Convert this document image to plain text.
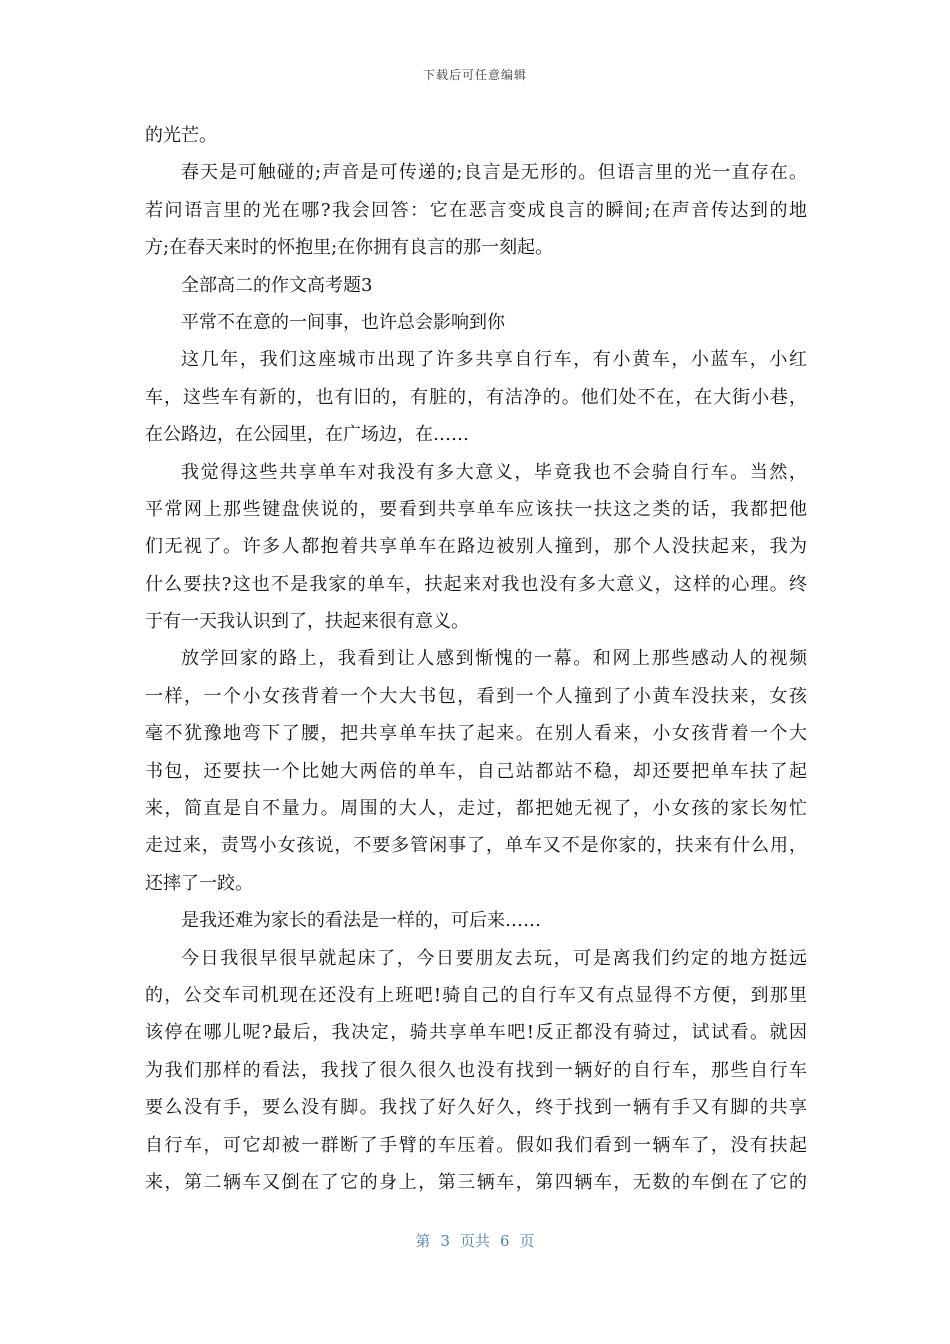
下载后可任意编辑
的光芒。
春天是可触碰的;声音是可传递的;良言是无形的。但语言里的光一直存在。
若问语言里的光在哪?我会回答：它在恶言变成良言的瞬间;在声音传达到的地
方;在春天来时的怀抱里;在你拥有良言的那一刻起。
全部高二的作文高考题3
平常不在意的一间事，也许总会影响到你
这几年，我们这座城市出现了许多共享自行车，有小黄车，小蓝车，小红
车，这些车有新的，也有旧的，有脏的，有洁净的。他们处不在，在大街小巷，
在公路边，在公园里，在广场边，在……
我觉得这些共享单车对我没有多大意义，毕竟我也不会骑自行车。当然，
平常网上那些键盘侠说的，要看到共享单车应该扶一扶这之类的话，我都把他
们无视了。许多人都抱着共享单车在路边被别人撞到，那个人没扶起来，我为
什么要扶?这也不是我家的单车，扶起来对我也没有多大意义，这样的心理。终
于有一天我认识到了，扶起来很有意义。
放学回家的路上，我看到让人感到惭愧的一幕。和网上那些感动人的视频
一样，一个小女孩背着一个大大书包，看到一个人撞到了小黄车没扶来，女孩
毫不犹豫地弯下了腰，把共享单车扶了起来。在别人看来，小女孩背着一个大
书包，还要扶一个比她大两倍的单车，自己站都站不稳，却还要把单车扶了起
来，简直是自不量力。周围的大人，走过，都把她无视了，小女孩的家长匆忙
走过来，责骂小女孩说，不要多管闲事了，单车又不是你家的，扶来有什么用，
还摔了一跤。
是我还难为家长的看法是一样的，可后来……
今日我很早很早就起床了，今日要朋友去玩，可是离我们约定的地方挺远
的，公交车司机现在还没有上班吧!骑自己的自行车又有点显得不方便，到那里
该停在哪儿呢?最后，我决定，骑共享单车吧!反正都没有骑过，试试看。就因
为我们那样的看法，我找了很久很久也没有找到一辆好的自行车，那些自行车
要么没有手，要么没有脚。我找了好久好久，终于找到一辆有手又有脚的共享
自行车，可它却被一群断了手臂的车压着。假如我们看到一辆车了，没有扶起
来，第二辆车又倒在了它的身上，第三辆车，第四辆车，无数的车倒在了它的
第 3 页共 6 页
